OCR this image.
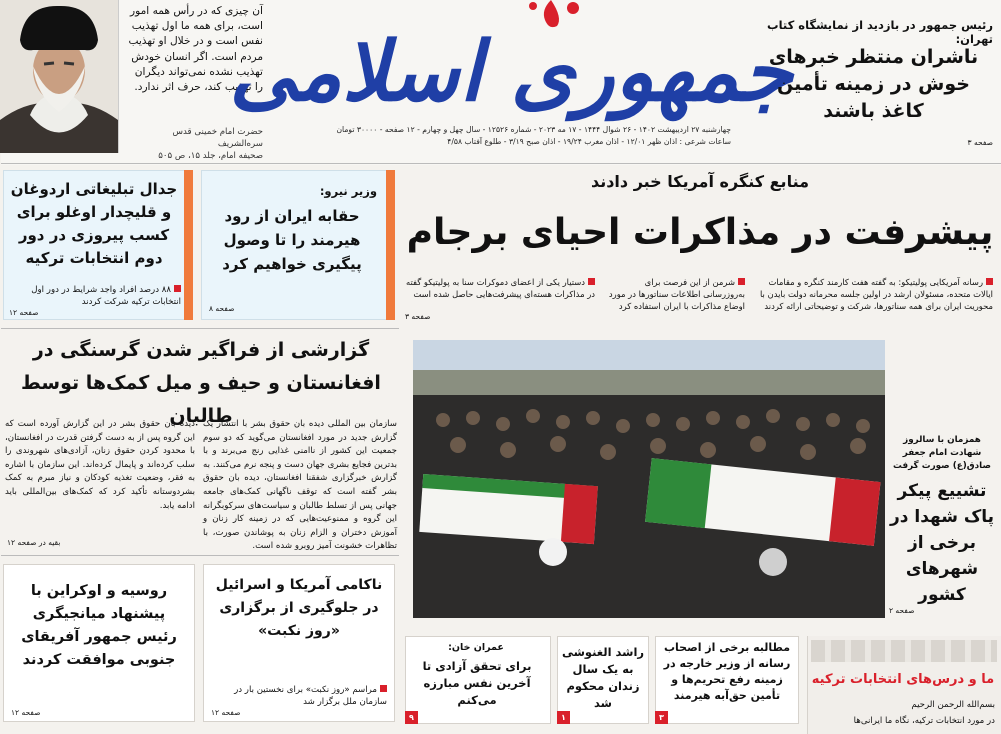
آن چیزی که در رأس همه امور است، برای همه ما اول تهذیب نفس است و در خلال او تهذیب مردم است. اگر انسان خودش تهذیب نشده نمی‌تواند دیگران را تهذیب کند، حرف اثر ندارد.
حضرت امام خمینی قدس سره‌الشریف
صحیفه امام، جلد ۱۵، ص ۵۰۵
جمهوری اسلامی
چهارشنبه ۲۷ اردیبهشت ۱۴۰۲ - ۲۶ شوال ۱۴۴۴ - ۱۷ مه ۲۰۲۳ - شماره ۱۲۵۲۶ - سال چهل و چهارم - ۱۲ صفحه - ۳۰۰۰۰ تومان
ساعات شرعی : اذان ظهر ۱۲/۰۱ - اذان مغرب ۱۹/۲۴ - اذان صبح ۳/۱۹ - طلوع آفتاب ۴/۵۸
رئیس جمهور در بازدید از نمایشگاه کتاب تهران:
ناشران منتظر خبرهای خوش در زمینه تأمین کاغذ باشند
صفحه ۳
جدال تبلیغاتی اردوغان و قلیچدار اوغلو برای کسب پیروزی در دور دوم انتخابات ترکیه
۸۸ درصد افراد واجد شرایط در دور اول انتخابات ترکیه شرکت کردند
صفحه ۱۲
وزیر نیرو:
حقابه ایران از رود هیرمند را تا وصول پیگیری خواهیم کرد
صفحه ۸
منابع کنگره آمریکا خبر دادند
پیشرفت در مذاکرات احیای برجام
رسانه آمریکایی پولیتیکو: به گفته هفت کارمند کنگره و مقامات ایالات متحده، مسئولان ارشد در اولین جلسه محرمانه دولت بایدن با محوریت ایران برای همه سناتورها، شرکت و توضیحاتی ارائه کردند
شرمن از این فرصت برای به‌روزرسانی اطلاعات سناتورها در مورد اوضاع مذاکرات با ایران استفاده کرد
دستیار یکی از اعضای دموکرات سنا به پولیتیکو گفته در مذاکرات هسته‌ای پیشرفت‌هایی حاصل شده است
صفحه ۳
گزارشی از فراگیر شدن گرسنگی در افغانستان و حیف و میل کمک‌ها توسط طالبان
سازمان بین المللی دیده بان حقوق بشر با انتشار یک گزارش جدید در مورد افغانستان می‌گوید که دو سوم جمعیت این کشور از ناامنی غذایی رنج می‌برند و با بدترین فجایع بشری جهان دست و پنجه نرم می‌کنند. به گزارش خبرگزاری شفقنا افغانستان، دیده بان حقوق بشر گفته است که توقف ناگهانی کمک‌های جامعه جهانی پس از تسلط طالبان و سیاست‌های سرکوبگرانه این گروه و ممنوعیت‌هایی که در زمینه کار زنان و آموزش دختران و الزام زنان به پوشاندن صورت، با تظاهرات خشونت آمیز روبرو شده است.
دیده بان حقوق بشر در این گزارش آورده است که این گروه پس از به دست گرفتن قدرت در افغانستان، با محدود کردن حقوق زنان، آزادی‌های شهروندی را سلب کرده‌اند و پایمال کرده‌اند. این سازمان با اشاره به فقر، وضعیت تغذیه کودکان و نیاز مبرم به کمک بشردوستانه تأکید کرد که کمک‌های بین‌المللی باید ادامه یابد.
بقیه در صفحه ۱۲
همزمان با سالروز شهادت امام جعفر صادق(ع) صورت گرفت
تشییع پیکر پاک شهدا در برخی از شهرهای کشور
صفحه ۲
روسیه و اوکراین با پیشنهاد میانجیگری رئیس جمهور آفریقای جنوبی موافقت کردند
صفحه ۱۲
ناکامی آمریکا و اسرائیل در جلوگیری از برگزاری «روز نکبت»
مراسم «روز نکبت» برای نخستین بار در سازمان ملل برگزار شد
صفحه ۱۲
عمران خان:
برای تحقق آزادی تا آخرین نفس مبارزه می‌کنم
۹
راشد الغنوشی به یک سال زندان محکوم شد
۱
مطالبه برخی از اصحاب رسانه از وزیر خارجه در زمینه رفع تحریم‌ها و تأمین حق‌آبه هیرمند
۳
ما و درس‌های انتخابات ترکیه
بسم‌الله الرحمن الرحیم
در مورد انتخابات ترکیه، نگاه ما ایرانی‌ها
